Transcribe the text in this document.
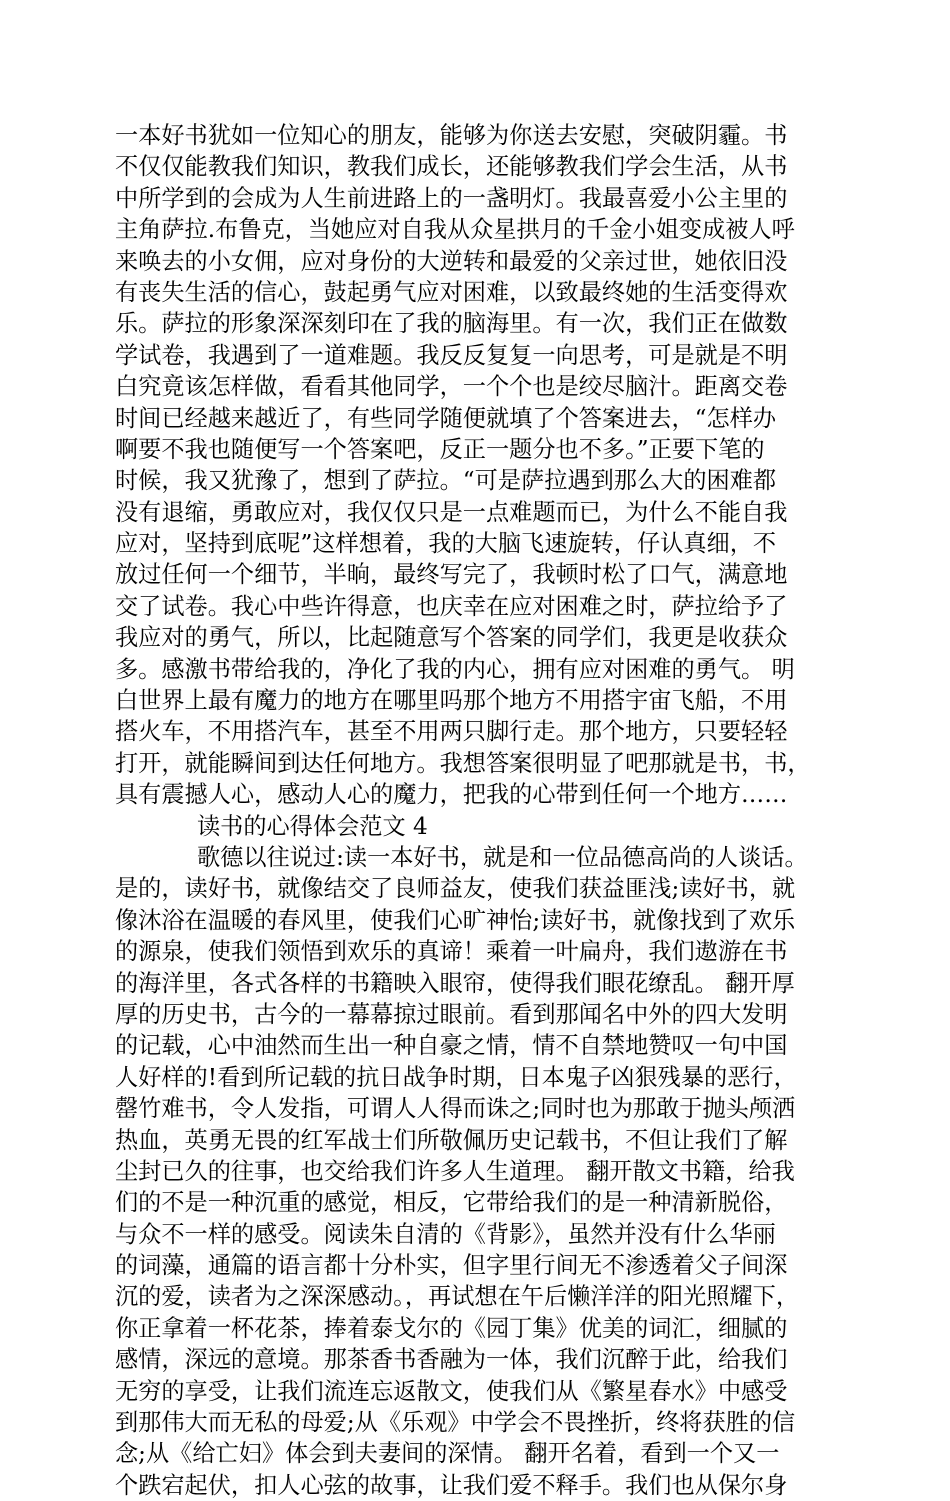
一本好书犹如一位知心的朋友，能够为你送去安慰，突破阴霾。书
不仅仅能教我们知识，教我们成长，还能够教我们学会生活，从书
中所学到的会成为人生前进路上的一盏明灯。我最喜爱小公主里的
主角萨拉.布鲁克，当她应对自我从众星拱月的千金小姐变成被人呼
来唤去的小女佣，应对身份的大逆转和最爱的父亲过世，她依旧没
有丧失生活的信心，鼓起勇气应对困难，以致最终她的生活变得欢
乐。萨拉的形象深深刻印在了我的脑海里。有一次，我们正在做数
学试卷，我遇到了一道难题。我反反复复一向思考，可是就是不明
白究竟该怎样做，看看其他同学，一个个也是绞尽脑汁。距离交卷
时间已经越来越近了，有些同学随便就填了个答案进去，“怎样办
啊要不我也随便写一个答案吧，反正一题分也不多。”正要下笔的
时候，我又犹豫了，想到了萨拉。“可是萨拉遇到那么大的困难都
没有退缩，勇敢应对，我仅仅只是一点难题而已，为什么不能自我
应对，坚持到底呢”这样想着，我的大脑飞速旋转，仔认真细，不
放过任何一个细节，半晌，最终写完了，我顿时松了口气，满意地
交了试卷。我心中些许得意，也庆幸在应对困难之时，萨拉给予了
我应对的勇气，所以，比起随意写个答案的同学们，我更是收获众
多。感激书带给我的，净化了我的内心，拥有应对困难的勇气。 明
白世界上最有魔力的地方在哪里吗那个地方不用搭宇宙飞船，不用
搭火车，不用搭汽车，甚至不用两只脚行走。那个地方，只要轻轻
打开，就能瞬间到达任何地方。我想答案很明显了吧那就是书，书，
具有震撼人心，感动人心的魔力，把我的心带到任何一个地方……
读书的心得体会范文 4
歌德以往说过:读一本好书，就是和一位品德高尚的人谈话。
是的，读好书，就像结交了良师益友，使我们获益匪浅;读好书，就
像沐浴在温暖的春风里，使我们心旷神怡;读好书，就像找到了欢乐
的源泉，使我们领悟到欢乐的真谛！乘着一叶扁舟，我们遨游在书
的海洋里，各式各样的书籍映入眼帘，使得我们眼花缭乱。 翻开厚
厚的历史书，古今的一幕幕掠过眼前。看到那闻名中外的四大发明
的记载，心中油然而生出一种自豪之情，情不自禁地赞叹一句中国
人好样的!看到所记载的抗日战争时期，日本鬼子凶狠残暴的恶行，
罄竹难书，令人发指，可谓人人得而诛之;同时也为那敢于抛头颅洒
热血，英勇无畏的红军战士们所敬佩历史记载书，不但让我们了解
尘封已久的往事，也交给我们许多人生道理。 翻开散文书籍，给我
们的不是一种沉重的感觉，相反，它带给我们的是一种清新脱俗，
与众不一样的感受。阅读朱自清的《背影》，虽然并没有什么华丽
的词藻，通篇的语言都十分朴实，但字里行间无不渗透着父子间深
沉的爱，读者为之深深感动。，再试想在午后懒洋洋的阳光照耀下，
你正拿着一杯花茶，捧着泰戈尔的《园丁集》优美的词汇，细腻的
感情，深远的意境。那茶香书香融为一体，我们沉醉于此，给我们
无穷的享受，让我们流连忘返散文，使我们从《繁星春水》中感受
到那伟大而无私的母爱;从《乐观》中学会不畏挫折，终将获胜的信
念;从《给亡妇》体会到夫妻间的深情。 翻开名着，看到一个又一
个跌宕起伏，扣人心弦的故事，让我们爱不释手。我们也从保尔身
